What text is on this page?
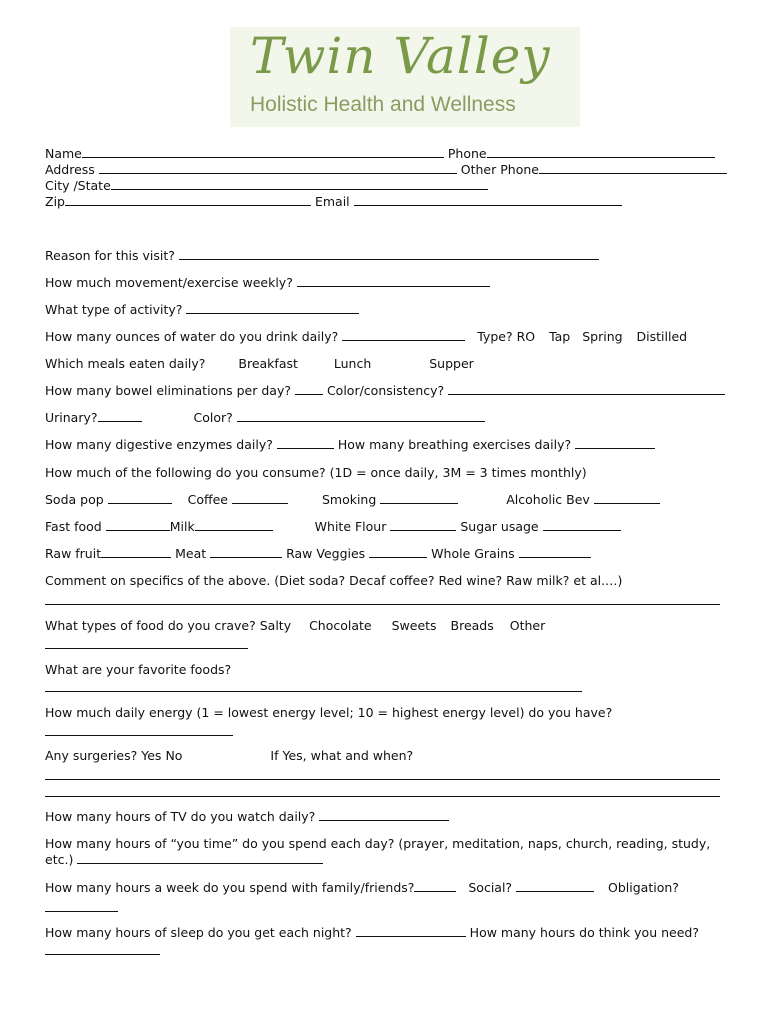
Twin Valley
Holistic Health and Wellness
Name	Phone
Address	Other Phone
City /State
Zip	Email
Reason for this visit?
How much movement/exercise weekly?
What type of activity?
How many ounces of water do you drink daily?	Type? RO Tap Spring Distilled
Which meals eaten daily?	Breakfast	Lunch	Supper
How many bowel eliminations per day?	Color/consistency?
Urinary?	Color?
How many digestive enzymes daily?	How many breathing exercises daily?
How much of the following do you consume? (1D = once daily, 3M = 3 times monthly)
Soda pop	Coffee	Smoking	Alcoholic Bev
Fast food	Milk	White Flour	Sugar usage
Raw fruit	Meat	Raw Veggies	Whole Grains
Comment on specifics of the above. (Diet soda? Decaf coffee? Red wine? Raw milk? et al.…)
What types of food do you crave? Salty Chocolate Sweets Breads Other
What are your favorite foods?
How much daily energy (1 = lowest energy level; 10 = highest energy level) do you have?
Any surgeries? Yes No	If Yes, what and when?
How many hours of TV do you watch daily?
How many hours of “you time” do you spend each day? (prayer, meditation, naps, church, reading, study,
etc.)
How many hours a week do you spend with family/friends?	Social?	Obligation?
How many hours of sleep do you get each night?	How many hours do think you need?
